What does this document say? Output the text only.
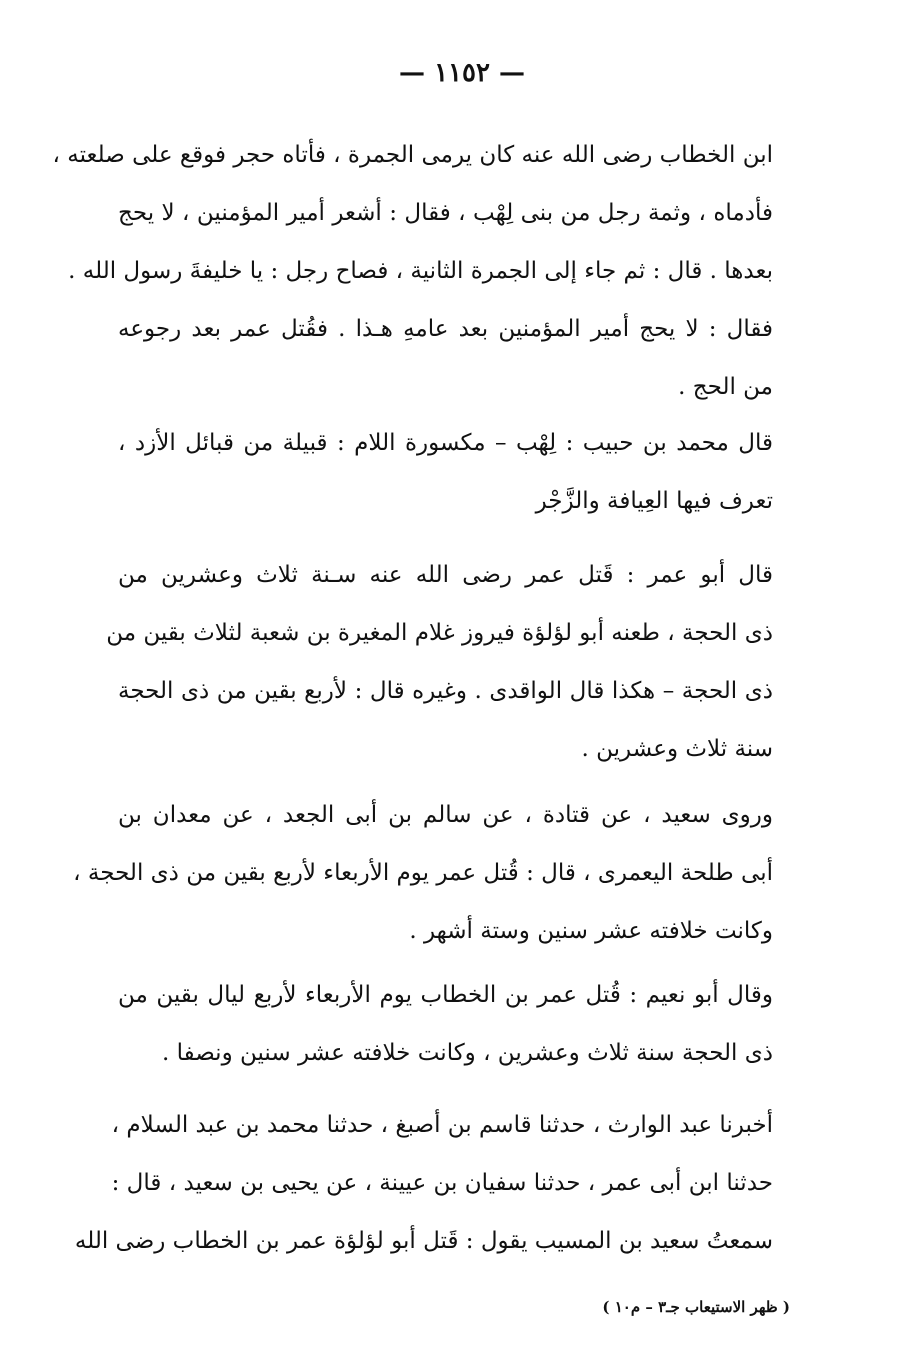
— ١١٥٢ —
ابن الخطاب رضى الله عنه كان يرمى الجمرة ، فأتاه حجر فوقع على صلعته ،
فأدماه ، وثمة رجل من بنى لِهْب ، فقال : أشعر أمير المؤمنين ، لا يحج
بعدها . قال : ثم جاء إلى الجمرة الثانية ، فصاح رجل : يا خليفةَ رسول الله .
فقال : لا يحج أمير المؤمنين بعد عامهِ هـذا . فقُتل عمر بعد رجوعه
من الحج .
قال محمد بن حبيب : لِهْب – مكسورة اللام : قبيلة من قبائل الأزد ،
تعرف فيها العِيافة والزَّجْر
قال أبو عمر : قَتل عمر رضى الله عنه سـنة ثلاث وعشرين من
ذى الحجة ، طعنه أبو لؤلؤة فيروز غلام المغيرة بن شعبة لثلاث بقين من
ذى الحجة – هكذا قال الواقدى . وغيره قال : لأربع بقين من ذى الحجة
سنة ثلاث وعشرين .
وروى سعيد ، عن قتادة ، عن سالم بن أبى الجعد ، عن معدان بن
أبى طلحة اليعمرى ، قال : قُتل عمر يوم الأربعاء لأربع بقين من ذى الحجة ،
وكانت خلافته عشر سنين وستة أشهر .
وقال أبو نعيم : قُتل عمر بن الخطاب يوم الأربعاء لأربع ليال بقين من
ذى الحجة سنة ثلاث وعشرين ، وكانت خلافته عشر سنين ونصفا .
أخبرنا عبد الوارث ، حدثنا قاسم بن أصبغ ، حدثنا محمد بن عبد السلام ،
حدثنا ابن أبى عمر ، حدثنا سفيان بن عيينة ، عن يحيى بن سعيد ، قال :
سمعتُ سعيد بن المسيب يقول : قَتل أبو لؤلؤة عمر بن الخطاب رضى الله
( ظهر الاستيعاب جـ٣ – م١٠ )
